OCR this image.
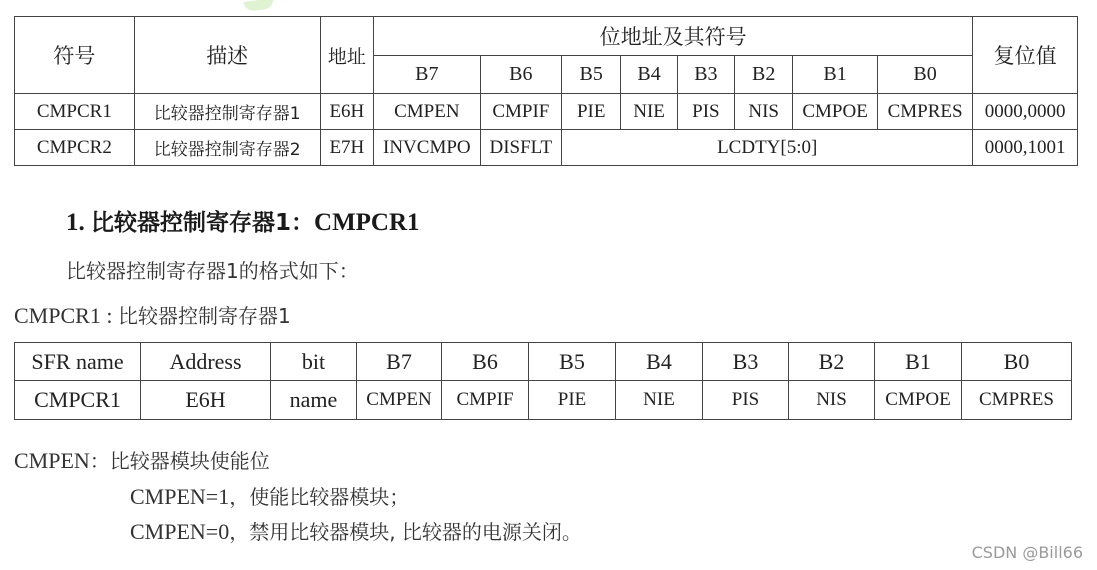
符号	描述	地址	位地址及其符号								复位值
			B7	B6	B5	B4	B3	B2	B1	B0	
CMPCR1	比较器控制寄存器1	E6H	CMPEN	CMPIF	PIE	NIE	PIS	NIS	CMPOE	CMPRES	0000,0000
CMPCR2	比较器控制寄存器2	E7H	INVCMPO	DISFLT	LCDTY[5:0]						0000,1001
1. 比较器控制寄存器1：CMPCR1

比较器控制寄存器1的格式如下：

CMPCR1 : 比较器控制寄存器1

SFR name	Address	bit	B7	B6	B5	B4	B3	B2	B1	B0
CMPCR1	E6H	name	CMPEN	CMPIF	PIE	NIE	PIS	NIS	CMPOE	CMPRES

CMPEN：比较器模块使能位

CMPEN=1，使能比较器模块；

CMPEN=0，禁用比较器模块, 比较器的电源关闭。

CSDN @Bill66
